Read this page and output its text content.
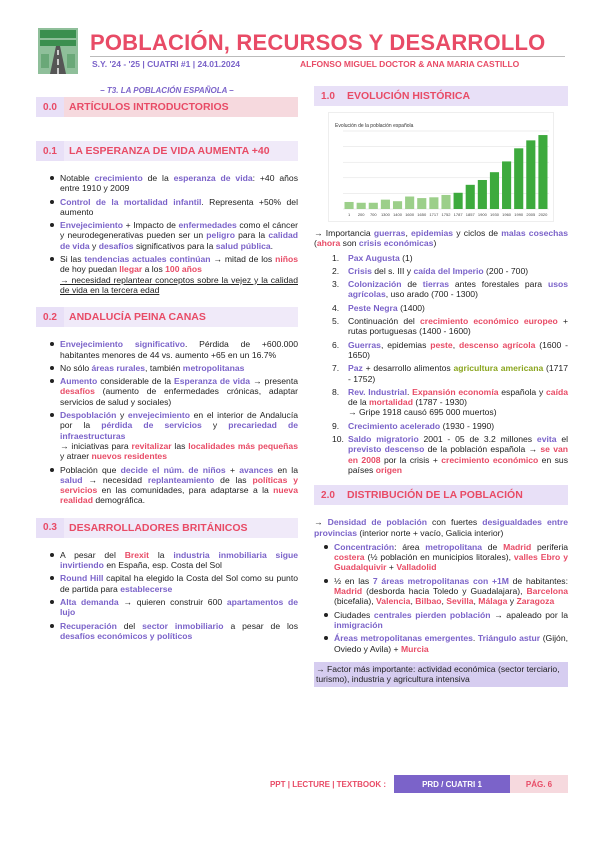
POBLACIÓN, RECURSOS Y DESARROLLO
S.Y. '24 - '25 | CUATRI #1 | 24.01.2024	ALFONSO MIGUEL DOCTOR & ANA MARIA CASTILLO
– T3. LA POBLACIÓN ESPAÑOLA –
0.0	ARTÍCULOS INTRODUCTORIOS
0.1	LA ESPERANZA DE VIDA AUMENTA +40
Notable crecimiento de la esperanza de vida: +40 años entre 1910 y 2009
Control de la mortalidad infantil. Representa +50% del aumento
Envejecimiento + Impacto de enfermedades como el cáncer y neurodegenerativas pueden ser un peligro para la calidad de vida y desafíos significativos para la salud pública.
Si las tendencias actuales continúan → mitad de los niños de hoy puedan llegar a los 100 años
→ necesidad replantear conceptos sobre la vejez y la calidad de vida en la tercera edad
0.2	ANDALUCÍA PEINA CANAS
Envejecimiento significativo. Pérdida de +600.000 habitantes menores de 44 vs. aumento +65 en un 16.7%
No sólo áreas rurales, también metropolitanas
Aumento considerable de la Esperanza de vida → presenta desafíos (aumento de enfermedades crónicas, adaptar servicios de salud y sociales)
Despoblación y envejecimiento en el interior de Andalucía por la pérdida de servicios y precariedad de infraestructuras
→ iniciativas para revitalizar las localidades más pequeñas y atraer nuevos residentes
Población que decide el núm. de niños + avances en la salud → necesidad replanteamiento de las políticas y servicios en las comunidades, para adaptarse a la nueva realidad demográfica.
0.3	DESARROLLADORES BRITÁNICOS
A pesar del Brexit la industria inmobiliaria sigue invirtiendo en España, esp. Costa del Sol
Round Hill capital ha elegido la Costa del Sol como su punto de partida para establecerse
Alta demanda → quieren construir 600 apartamentos de lujo
Recuperación del sector inmobiliario a pesar de los desafíos económicos y políticos
1.0	EVOLUCIÓN HISTÓRICA
Evolución de la población española
1 200 700 1300 1400 1600 1650 1717 1752 1787 1857 1900 1930 1960 1990 2005 2020
→ Importancia guerras, epidemias y ciclos de malas cosechas (ahora son crisis económicas)
1. Pax Augusta (1)
2. Crisis del s. III y caída del Imperio (200 - 700)
3. Colonización de tierras antes forestales para usos agrícolas, uso arado (700 - 1300)
4. Peste Negra (1400)
5. Continuación del crecimiento económico europeo + rutas portuguesas (1400 - 1600)
6. Guerras, epidemias peste, descenso agrícola (1600 - 1650)
7. Paz + desarrollo alimentos agricultura americana (1717 - 1752)
8. Rev. Industrial. Expansión economía española y caída de la mortalidad (1787 - 1930)
→ Gripe 1918 causó 695 000 muertos)
9. Crecimiento acelerado (1930 - 1990)
10. Saldo migratorio 2001 - 05 de 3.2 millones evita el previsto descenso de la población española → se van en 2008 por la crisis + crecimiento económico en sus países origen
2.0	DISTRIBUCIÓN DE LA POBLACIÓN
→ Densidad de población con fuertes desigualdades entre provincias (interior norte + vacío, Galicia interior)
Concentración: área metropolitana de Madrid periferia costera (½ población en municipios litorales), valles Ebro y Guadalquivir + Valladolid
½ en las 7 áreas metropolitanas con +1M de habitantes: Madrid (desborda hacia Toledo y Guadalajara), Barcelona (bicefalia), Valencia, Bilbao, Sevilla, Málaga y Zaragoza
Ciudades centrales pierden población → apaleado por la inmigración
Áreas metropolitanas emergentes. Triángulo astur (Gijón, Oviedo y Avila) + Murcia
→ Factor más importante: actividad económica (sector terciario, turismo), industria y agricultura intensiva
PPT | LECTURE | TEXTBOOK :	PRD / CUATRI 1	PÁG. 6
